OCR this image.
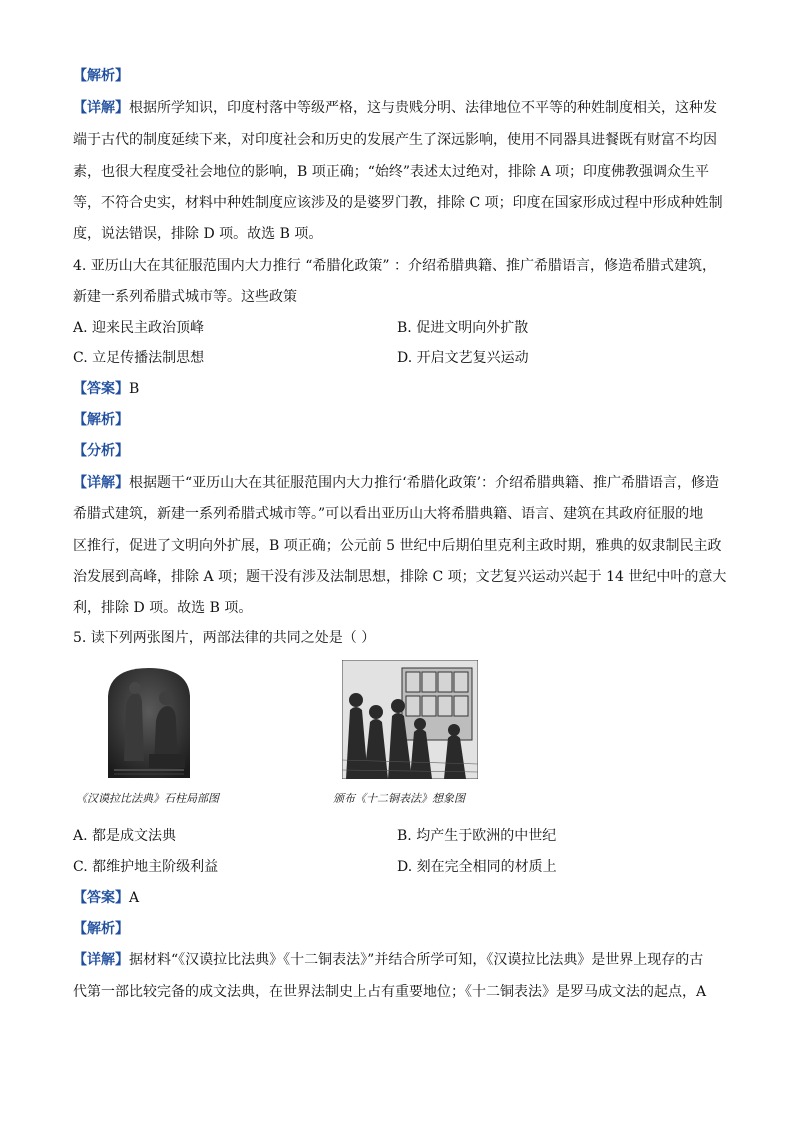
【解析】
【详解】根据所学知识，印度村落中等级严格，这与贵贱分明、法律地位不平等的种姓制度相关，这种发
端于古代的制度延续下来，对印度社会和历史的发展产生了深远影响，使用不同器具进餐既有财富不均因
素，也很大程度受社会地位的影响，B 项正确；“始终”表述太过绝对，排除 A 项；印度佛教强调众生平
等，不符合史实，材料中种姓制度应该涉及的是婆罗门教，排除 C 项；印度在国家形成过程中形成种姓制
度，说法错误，排除 D 项。故选 B 项。
4. 亚历山大在其征服范围内大力推行 “希腊化政策” ：介绍希腊典籍、推广希腊语言，修造希腊式建筑，
新建一系列希腊式城市等。这些政策
A. 迎来民主政治顶峰	B. 促进文明向外扩散
C. 立足传播法制思想	D. 开启文艺复兴运动
【答案】B
【解析】
【分析】
【详解】根据题干“亚历山大在其征服范围内大力推行‘希腊化政策’：介绍希腊典籍、推广希腊语言，修造
希腊式建筑，新建一系列希腊式城市等。”可以看出亚历山大将希腊典籍、语言、建筑在其政府征服的地
区推行，促进了文明向外扩展，B 项正确；公元前 5 世纪中后期伯里克利主政时期，雅典的奴隶制民主政
治发展到高峰，排除 A 项；题干没有涉及法制思想，排除 C 项；文艺复兴运动兴起于 14 世纪中叶的意大
利，排除 D 项。故选 B 项。
5. 读下列两张图片，两部法律的共同之处是（ ）
《汉谟拉比法典》石柱局部图	颁布《十二铜表法》想象图
A. 都是成文法典	B. 均产生于欧洲的中世纪
C. 都维护地主阶级利益	D. 刻在完全相同的材质上
【答案】A
【解析】
【详解】据材料“《汉谟拉比法典》《十二铜表法》”并结合所学可知，《汉谟拉比法典》是世界上现存的古
代第一部比较完备的成文法典，在世界法制史上占有重要地位；《十二铜表法》是罗马成文法的起点，A
